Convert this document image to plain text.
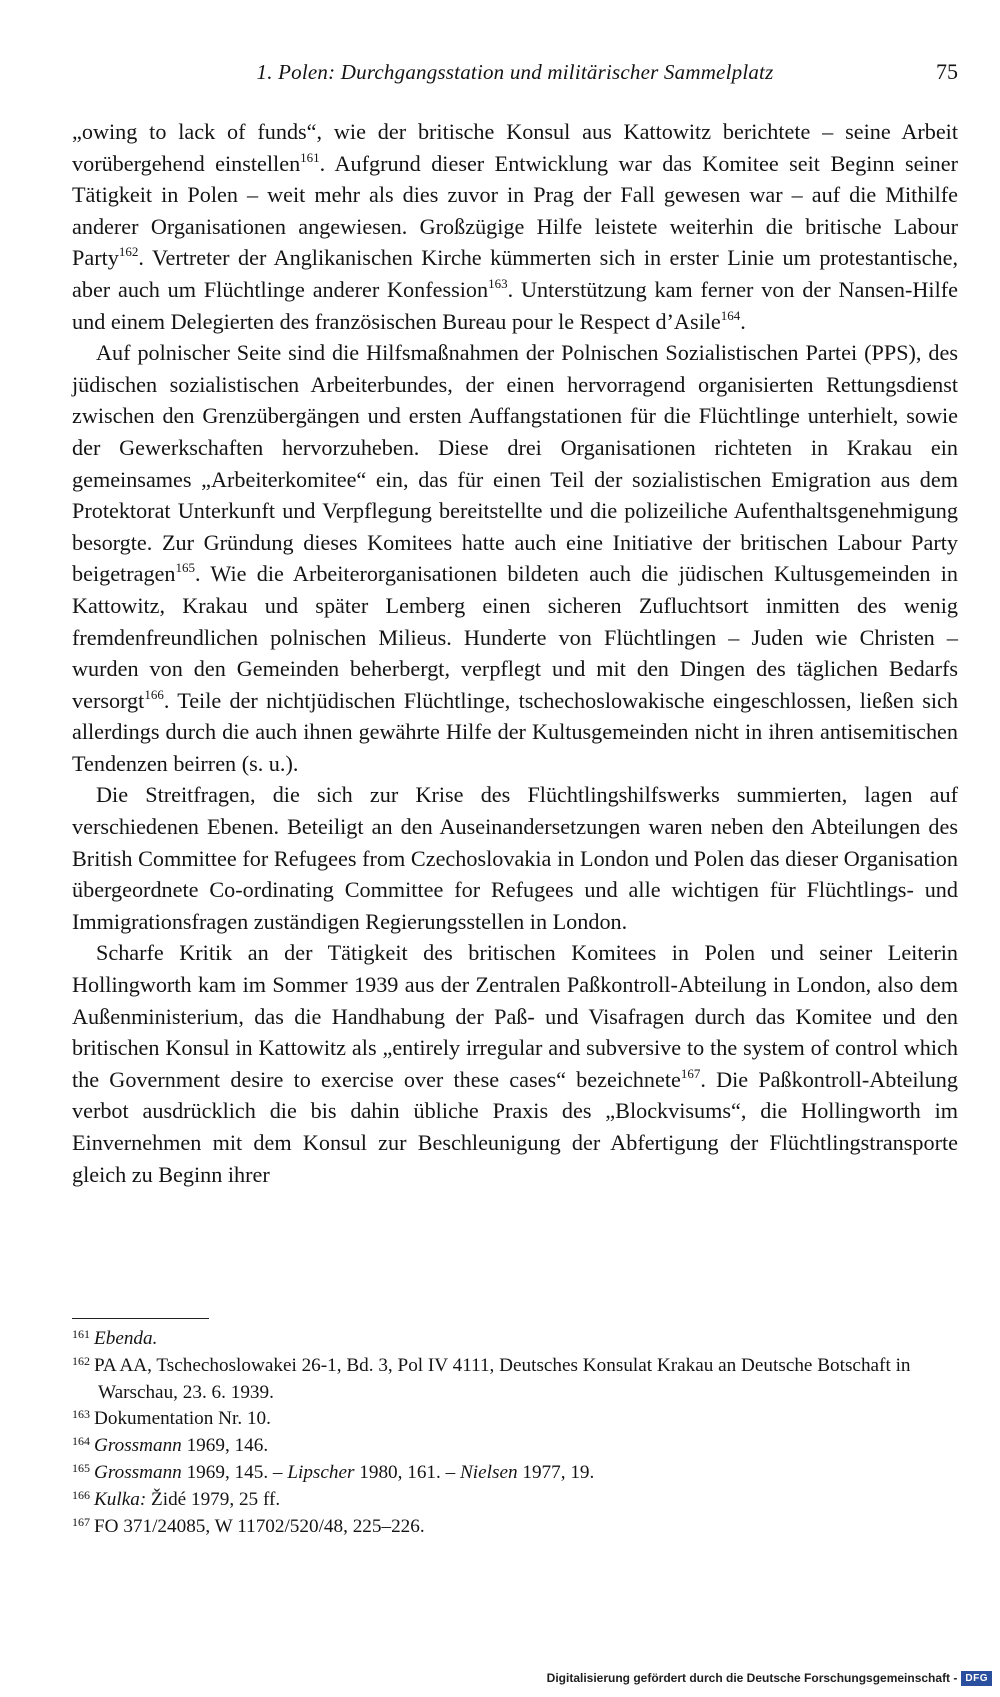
1. Polen: Durchgangsstation und militärischer Sammelplatz	75

„owing to lack of funds“, wie der britische Konsul aus Kattowitz berichtete – seine Arbeit vorübergehend einstellen$^{161}$. Aufgrund dieser Entwicklung war das Komitee seit Beginn seiner Tätigkeit in Polen – weit mehr als dies zuvor in Prag der Fall gewesen war – auf die Mithilfe anderer Organisationen angewiesen. Großzügige Hilfe leistete weiterhin die britische Labour Party$^{162}$. Vertreter der Anglikanischen Kirche kümmerten sich in erster Linie um protestantische, aber auch um Flüchtlinge anderer Konfession$^{163}$. Unterstützung kam ferner von der Nansen-Hilfe und einem Delegierten des französischen Bureau pour le Respect d’Asile$^{164}$.

Auf polnischer Seite sind die Hilfsmaßnahmen der Polnischen Sozialistischen Partei (PPS), des jüdischen sozialistischen Arbeiterbundes, der einen hervorragend organisierten Rettungsdienst zwischen den Grenzübergängen und ersten Auffangstationen für die Flüchtlinge unterhielt, sowie der Gewerkschaften hervorzuheben. Diese drei Organisationen richteten in Krakau ein gemeinsames „Arbeiterkomitee“ ein, das für einen Teil der sozialistischen Emigration aus dem Protektorat Unterkunft und Verpflegung bereitstellte und die polizeiliche Aufenthaltsgenehmigung besorgte. Zur Gründung dieses Komitees hatte auch eine Initiative der britischen Labour Party beigetragen$^{165}$. Wie die Arbeiterorganisationen bildeten auch die jüdischen Kultusgemeinden in Kattowitz, Krakau und später Lemberg einen sicheren Zufluchtsort inmitten des wenig fremdenfreundlichen polnischen Milieus. Hunderte von Flüchtlingen – Juden wie Christen – wurden von den Gemeinden beherbergt, verpflegt und mit den Dingen des täglichen Bedarfs versorgt$^{166}$. Teile der nichtjüdischen Flüchtlinge, tschechoslowakische eingeschlossen, ließen sich allerdings durch die auch ihnen gewährte Hilfe der Kultusgemeinden nicht in ihren antisemitischen Tendenzen beirren (s. u.).

Die Streitfragen, die sich zur Krise des Flüchtlingshilfswerks summierten, lagen auf verschiedenen Ebenen. Beteiligt an den Auseinandersetzungen waren neben den Abteilungen des British Committee for Refugees from Czechoslovakia in London und Polen das dieser Organisation übergeordnete Co-ordinating Committee for Refugees und alle wichtigen für Flüchtlings- und Immigrationsfragen zuständigen Regierungsstellen in London.

Scharfe Kritik an der Tätigkeit des britischen Komitees in Polen und seiner Leiterin Hollingworth kam im Sommer 1939 aus der Zentralen Paßkontroll-Abteilung in London, also dem Außenministerium, das die Handhabung der Paß- und Visafragen durch das Komitee und den britischen Konsul in Kattowitz als „entirely irregular and subversive to the system of control which the Government desire to exercise over these cases“ bezeichnete$^{167}$. Die Paßkontroll-Abteilung verbot ausdrücklich die bis dahin übliche Praxis des „Blockvisums“, die Hollingworth im Einvernehmen mit dem Konsul zur Beschleunigung der Abfertigung der Flüchtlingstransporte gleich zu Beginn ihrer

$^{161}$ Ebenda.
$^{162}$ PA AA, Tschechoslowakei 26-1, Bd. 3, Pol IV 4111, Deutsches Konsulat Krakau an Deutsche Botschaft in Warschau, 23. 6. 1939.
$^{163}$ Dokumentation Nr. 10.
$^{164}$ Grossmann 1969, 146.
$^{165}$ Grossmann 1969, 145. – Lipscher 1980, 161. – Nielsen 1977, 19.
$^{166}$ Kulka: Židé 1979, 25 ff.
$^{167}$ FO 371/24085, W 11702/520/48, 225–226.
Digitalisierung gefördert durch die Deutsche Forschungsgemeinschaft - DFG
